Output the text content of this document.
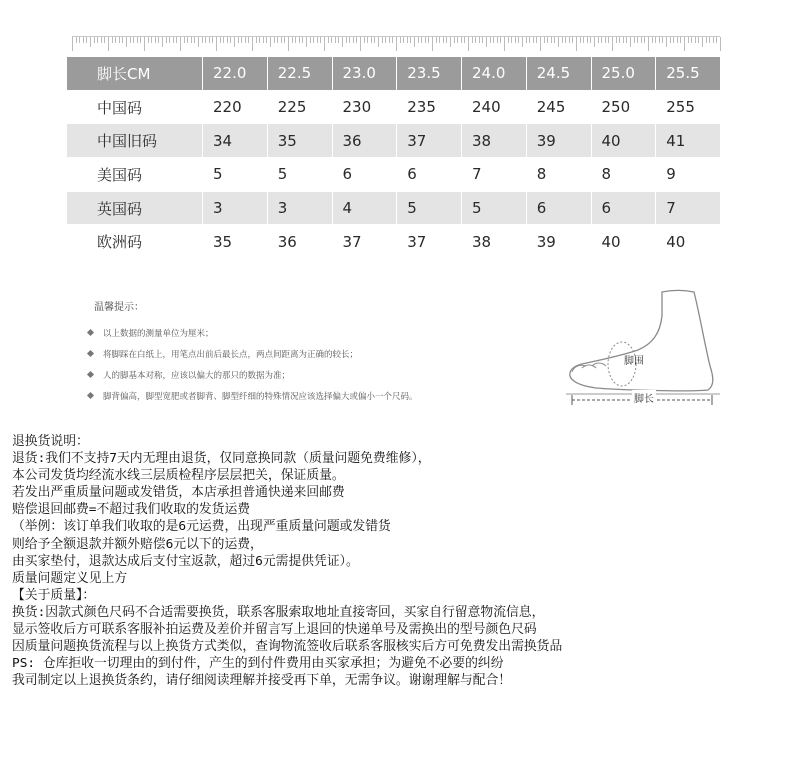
脚长CM	22.0	22.5	23.0	23.5	24.0	24.5	25.0	25.5
中国码	220	225	230	235	240	245	250	255
中国旧码	34	35	36	37	38	39	40	41
美国码	5	5	6	6	7	8	8	9
英国码	3	3	4	5	5	6	6	7
欧洲码	35	36	37	37	38	39	40	40
温馨提示：
以上数据的测量单位为厘米；
将脚踩在白纸上，用笔点出前后最长点，两点间距离为正确的较长；
人的脚基本对称，应该以偏大的那只的数据为准；
脚背偏高，脚型宽肥或者脚背、脚型纤细的特殊情况应该选择偏大或偏小一个尺码。
脚围
脚长
退换货说明：
退货:我们不支持7天内无理由退货，仅同意换同款（质量问题免费维修），
本公司发货均经流水线三层质检程序层层把关，保证质量。
若发出严重质量问题或发错货，本店承担普通快递来回邮费
赔偿退回邮费=不超过我们收取的发货运费
（举例：该订单我们收取的是6元运费，出现严重质量问题或发错货
则给予全额退款并额外赔偿6元以下的运费，
由买家垫付，退款达成后支付宝返款，超过6元需提供凭证）。
质量问题定义见上方
【关于质量】：
换货:因款式颜色尺码不合适需要换货，联系客服索取地址直接寄回，买家自行留意物流信息，
显示签收后方可联系客服补拍运费及差价并留言写上退回的快递单号及需换出的型号颜色尺码
因质量问题换货流程与以上换货方式类似，查询物流签收后联系客服核实后方可免费发出需换货品
PS: 仓库拒收一切理由的到付件，产生的到付件费用由买家承担；为避免不必要的纠纷
我司制定以上退换货条约，请仔细阅读理解并接受再下单，无需争议。谢谢理解与配合！
